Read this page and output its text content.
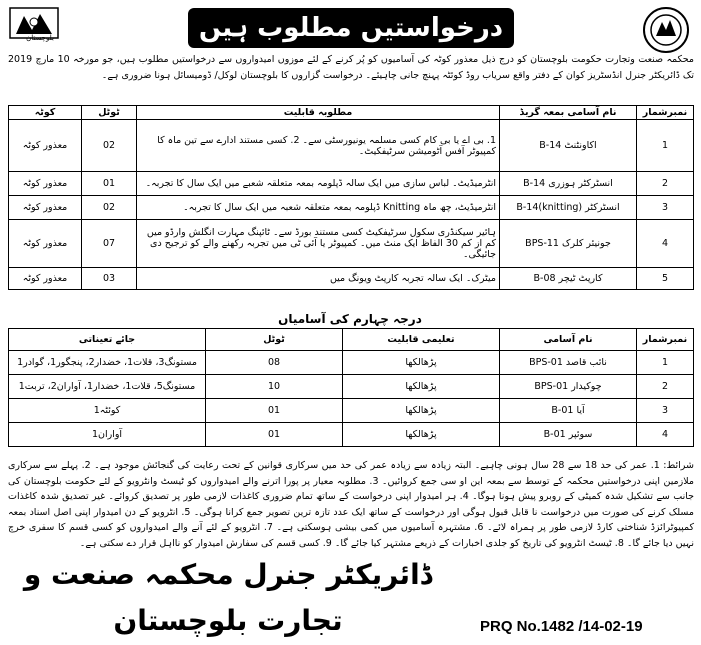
بلوچستان	درخواستیں مطلوب ہیں
محکمہ صنعت وتجارت حکومت بلوچستان کو درج ذیل معذور کوٹہ کی آسامیوں کو پُر کرنے کے لئے موزوں امیدواروں سے درخواستیں مطلوب ہیں، جو مورخہ 10 مارچ 2019 تک ڈائریکٹر جنرل انڈسٹریز کوان کے دفتر واقع سریاب روڈ کوئٹہ پہنچ جانی چاہیئے۔ درخواست گزاروں کا بلوچستان لوکل/ ڈومیسائل ہونا ضروری ہے۔
نمبرشمار	نام آسامی بمعہ گریڈ	مطلوبہ قابلیت	ٹوٹل	کوٹہ
1	اکاونٹنٹ B-14	1. بی اے یا بی کام کسی مسلمہ یونیورسٹی سے۔ 2. کسی مستند ادارے سے تین ماہ کا کمپیوٹر آفس آٹومیشن سرٹیفکیٹ۔	02	معذور کوٹہ
2	انسٹرکٹر ہوزری B-14	انٹرمیڈیٹ۔ لباس سازی میں ایک سالہ ڈپلومہ بمعہ متعلقہ شعبے میں ایک سال کا تجربہ۔	01	معذور کوٹہ
3	انسٹرکٹر B-14(knitting)	انٹرمیڈیٹ، چھ ماہ Knitting ڈپلومہ بمعہ متعلقہ شعبہ میں ایک سال کا تجربہ۔	02	معذور کوٹہ
4	جونیئر کلرک BPS-11	ہائیر سیکنڈری سکول سرٹیفکیٹ کسی مستند بورڈ سے۔ ٹائپنگ مہارت انگلش وارڈو میں کم از کم 30 الفاظ ایک منٹ میں۔ کمپیوٹر یا آئی ٹی میں تجربہ رکھنے والے کو ترجیح دی جائیگی۔	07	معذور کوٹہ
5	کارپٹ ٹیچر B-08	میٹرک۔ ایک سالہ تجربہ کارپٹ ویونگ میں	03	معذور کوٹہ
درجہ چہارم کی آسامیاں
نمبرشمار	نام آسامی	تعلیمی قابلیت	ٹوٹل	جائے تعیناتی
1	نائب قاصد BPS-01	پڑھالکھا	08	مستونگ3، قلات1، خضدار2، پنجگور1، گوادر1
2	چوکیدار BPS-01	پڑھالکھا	10	مستونگ5، قلات1، خضدار1، آواران2، تربت1
3	آیا B-01	پڑھالکھا	01	کوئٹہ1
4	سوئپر B-01	پڑھالکھا	01	آواران1
شرائط: 1. عمر کی حد 18 سے 28 سال ہونی چاہیے۔ البتہ زیادہ سے زیادہ عمر کی حد میں سرکاری قوانین کے تحت رعایت کی گنجائش موجود ہے۔ 2. پہلے سے سرکاری ملازمین اپنی درخواستیں محکمہ کے توسط سے بمعہ این او سی جمع کروائیں۔ 3. مطلوبہ معیار پر پورا اترنے والے امیدواروں کو ٹیسٹ وانٹرویو کے لئے حکومت بلوچستان کی جانب سے تشکیل شدہ کمیٹی کے روبرو پیش ہونا ہوگا۔ 4. ہر امیدوار اپنی درخواست کے ساتھ تمام ضروری کاغذات لازمی طور پر تصدیق کروائے۔ غیر تصدیق شدہ کاغذات مسلک کرنے کی صورت میں درخواست نا قابل قبول ہوگی اور درخواست کے ساتھ ایک عدد تازہ ترین تصویر جمع کرانا ہوگی۔ 5. انٹرویو کے دن امیدوار اپنی اصل اسناد بمعہ کمپیوٹرائزڈ شناختی کارڈ لازمی طور پر ہمراہ لائے۔ 6. مشتہرہ آسامیوں میں کمی بیشی ہوسکتی ہے۔ 7. انٹرویو کے لئے آنے والے امیدواروں کو کسی قسم کا سفری خرچ نہیں دیا جائے گا۔ 8. ٹیسٹ انٹرویو کی تاریخ کو جلدی اخبارات کے ذریعے مشتہر کیا جائے گا۔ 9. کسی قسم کی سفارش امیدوار کو نااہل قرار دے سکتی ہے۔
ڈائریکٹر جنرل محکمہ صنعت و
تجارت بلوچستان	PRQ No.1482 /14-02-19
